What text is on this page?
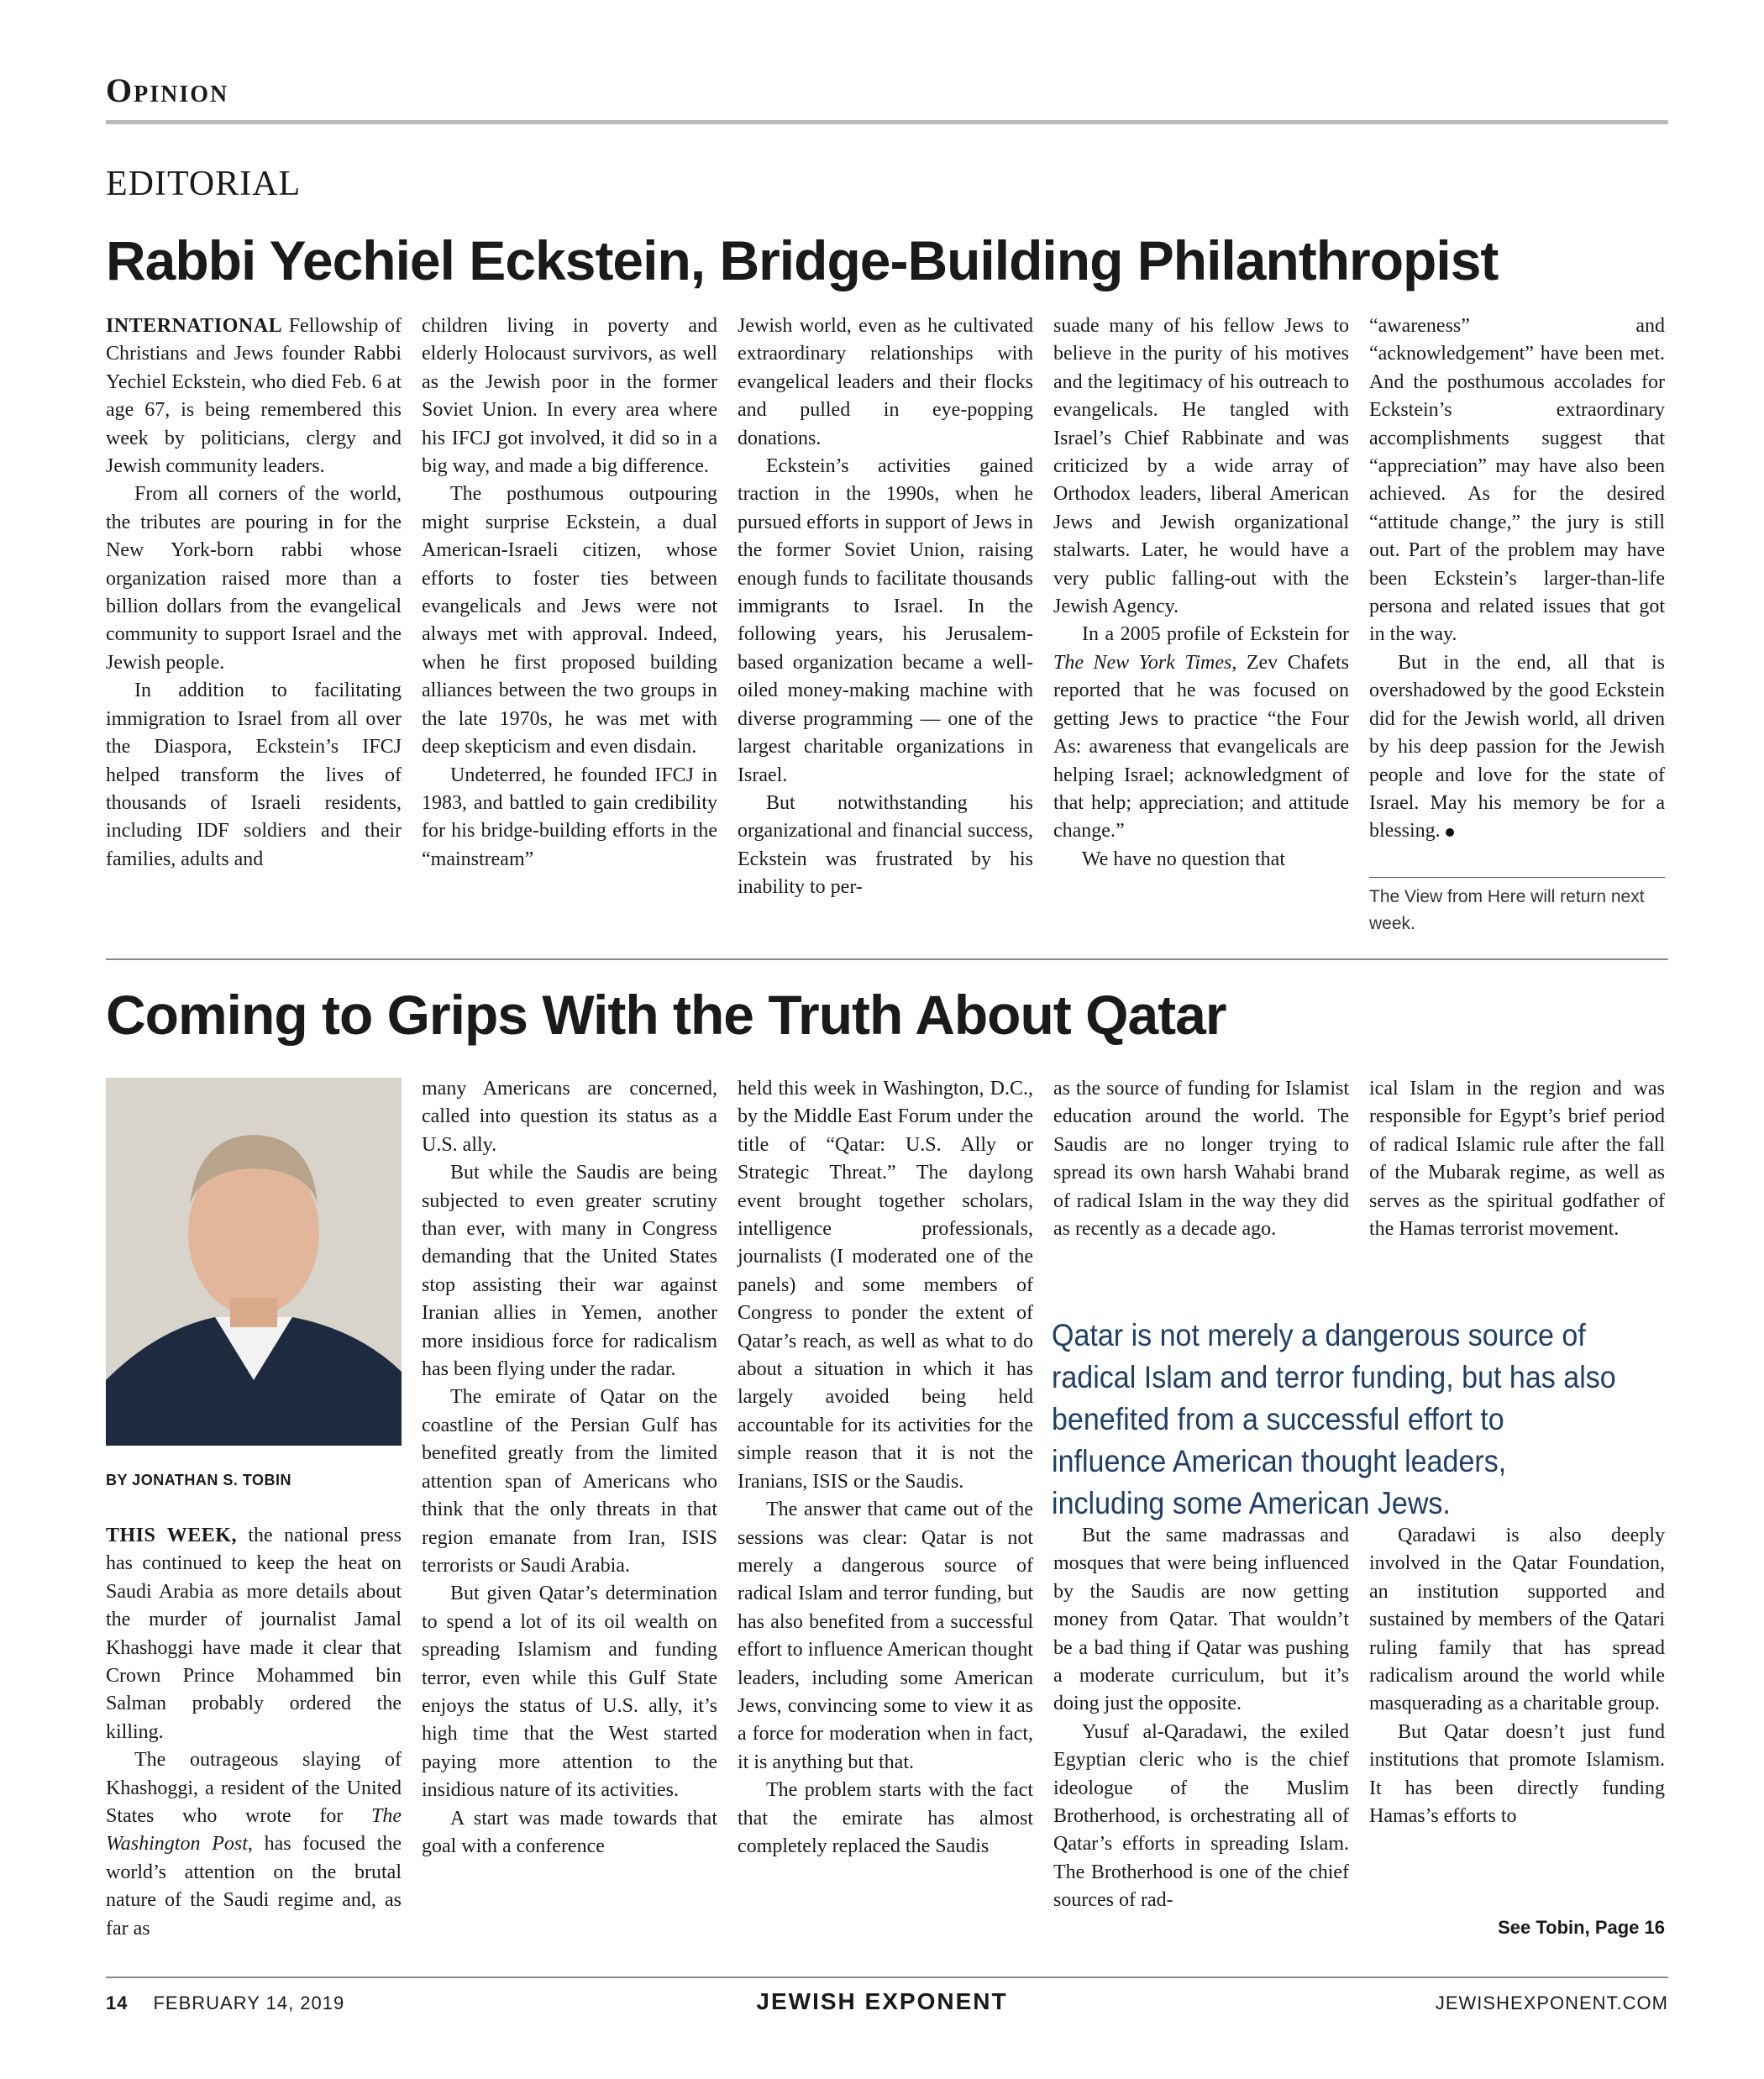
Opinion
EDITORIAL
Rabbi Yechiel Eckstein, Bridge-Building Philanthropist

INTERNATIONAL Fellowship of Christians and Jews founder Rabbi Yechiel Eckstein, who died Feb. 6 at age 67, is being remembered this week by politicians, clergy and Jewish community leaders.

From all corners of the world, the tributes are pouring in for the New York-born rabbi whose organization raised more than a billion dollars from the evangelical community to support Israel and the Jewish people.

In addition to facilitating immigration to Israel from all over the Diaspora, Eckstein’s IFCJ helped transform the lives of thousands of Israeli residents, including IDF soldiers and their families, adults and

children living in poverty and elderly Holocaust survivors, as well as the Jewish poor in the former Soviet Union. In every area where his IFCJ got involved, it did so in a big way, and made a big difference.

The posthumous outpouring might surprise Eckstein, a dual American-Israeli citizen, whose efforts to foster ties between evangelicals and Jews were not always met with approval. Indeed, when he first proposed building alliances between the two groups in the late 1970s, he was met with deep skepticism and even disdain.

Undeterred, he founded IFCJ in 1983, and battled to gain credibility for his bridge-building efforts in the “mainstream”

Jewish world, even as he cultivated extraordinary relationships with evangelical leaders and their flocks and pulled in eye-popping donations.

Eckstein’s activities gained traction in the 1990s, when he pursued efforts in support of Jews in the former Soviet Union, raising enough funds to facilitate thousands immigrants to Israel. In the following years, his Jerusalem-based organization became a well-oiled money-making machine with diverse programming — one of the largest charitable organizations in Israel.

But notwithstanding his organizational and financial success, Eckstein was frustrated by his inability to per-

suade many of his fellow Jews to believe in the purity of his motives and the legitimacy of his outreach to evangelicals. He tangled with Israel’s Chief Rabbinate and was criticized by a wide array of Orthodox leaders, liberal American Jews and Jewish organizational stalwarts. Later, he would have a very public falling-out with the Jewish Agency.

In a 2005 profile of Eckstein for The New York Times, Zev Chafets reported that he was focused on getting Jews to practice “the Four As: awareness that evangelicals are helping Israel; acknowledgment of that help; appreciation; and attitude change.”

We have no question that

“awareness” and “acknowledgement” have been met. And the posthumous accolades for Eckstein’s extraordinary accomplishments suggest that “appreciation” may have also been achieved. As for the desired “attitude change,” the jury is still out. Part of the problem may have been Eckstein’s larger-than-life persona and related issues that got in the way.

But in the end, all that is overshadowed by the good Eckstein did for the Jewish world, all driven by his deep passion for the Jewish people and love for the state of Israel. May his memory be for a blessing.

The View from Here will return next week.
Coming to Grips With the Truth About Qatar
BY JONATHAN S. TOBIN

THIS WEEK, the national press has continued to keep the heat on Saudi Arabia as more details about the murder of journalist Jamal Khashoggi have made it clear that Crown Prince Mohammed bin Salman probably ordered the killing.

The outrageous slaying of Khashoggi, a resident of the United States who wrote for The Washington Post, has focused the world’s attention on the brutal nature of the Saudi regime and, as far as

many Americans are concerned, called into question its status as a U.S. ally.

But while the Saudis are being subjected to even greater scrutiny than ever, with many in Congress demanding that the United States stop assisting their war against Iranian allies in Yemen, another more insidious force for radicalism has been flying under the radar.

The emirate of Qatar on the coastline of the Persian Gulf has benefited greatly from the limited attention span of Americans who think that the only threats in that region emanate from Iran, ISIS terrorists or Saudi Arabia.

But given Qatar’s determination to spend a lot of its oil wealth on spreading Islamism and funding terror, even while this Gulf State enjoys the status of U.S. ally, it’s high time that the West started paying more attention to the insidious nature of its activities.

A start was made towards that goal with a conference

held this week in Washington, D.C., by the Middle East Forum under the title of “Qatar: U.S. Ally or Strategic Threat.” The daylong event brought together scholars, intelligence professionals, journalists (I moderated one of the panels) and some members of Congress to ponder the extent of Qatar’s reach, as well as what to do about a situation in which it has largely avoided being held accountable for its activities for the simple reason that it is not the Iranians, ISIS or the Saudis.

The answer that came out of the sessions was clear: Qatar is not merely a dangerous source of radical Islam and terror funding, but has also benefited from a successful effort to influence American thought leaders, including some American Jews, convincing some to view it as a force for moderation when in fact, it is anything but that.

The problem starts with the fact that the emirate has almost completely replaced the Saudis

as the source of funding for Islamist education around the world. The Saudis are no longer trying to spread its own harsh Wahabi brand of radical Islam in the way they did as recently as a decade ago.

ical Islam in the region and was responsible for Egypt’s brief period of radical Islamic rule after the fall of the Mubarak regime, as well as serves as the spiritual godfather of the Hamas terrorist movement.

Qatar is not merely a dangerous source of radical Islam and terror funding, but has also benefited from a successful effort to influence American thought leaders, including some American Jews.

But the same madrassas and mosques that were being influenced by the Saudis are now getting money from Qatar. That wouldn’t be a bad thing if Qatar was pushing a moderate curriculum, but it’s doing just the opposite.

Yusuf al-Qaradawi, the exiled Egyptian cleric who is the chief ideologue of the Muslim Brotherhood, is orchestrating all of Qatar’s efforts in spreading Islam. The Brotherhood is one of the chief sources of rad-

Qaradawi is also deeply involved in the Qatar Foundation, an institution supported and sustained by members of the Qatari ruling family that has spread radicalism around the world while masquerading as a charitable group.

But Qatar doesn’t just fund institutions that promote Islamism. It has been directly funding Hamas’s efforts to

See Tobin, Page 16
14 FEBRUARY 14, 2019	JEWISH EXPONENT	JEWISHEXPONENT.COM
